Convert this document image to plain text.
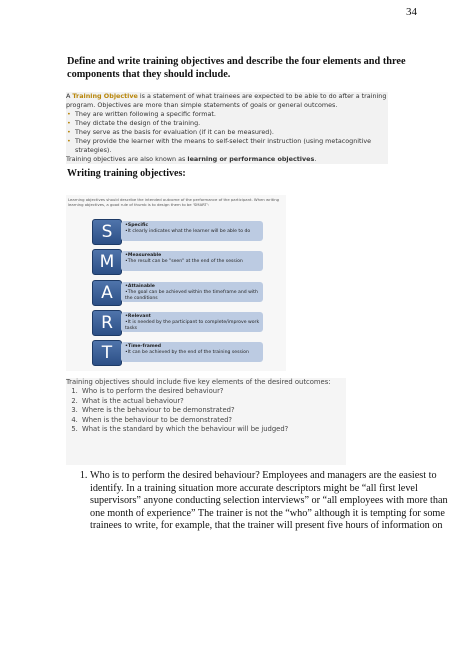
34
Define and write training objectives and describe the four elements and three components that they should include.

A Training Objective is a statement of what trainees are expected to be able to do after a training program. Objectives are more than simple statements of goals or general outcomes.

• They are written following a specific format.
• They dictate the design of the training.
• They serve as the basis for evaluation (if it can be measured).
• They provide the learner with the means to self-select their instruction (using metacognitive strategies).

Training objectives are also known as learning or performance objectives.

Writing training objectives:
Learning objectives should describe the intended outcome of the performance of the participant. When writing learning objectives, a good rule of thumb is to design them to be 'SMART':
S	•Specific
•It clearly indicates what the learner will be able to do
M	•Measureable
•The result can be "seen" at the end of the session
A	•Attainable
•The goal can be achieved within the timeframe and with the conditions
R	•Relevant
•It is needed by the participant to complete/improve work tasks
T	•Time-framed
•It can be achieved by the end of the training session

Training objectives should include five key elements of the desired outcomes:

1. Who is to perform the desired behaviour?
2. What is the actual behaviour?
3. Where is the behaviour to be demonstrated?
4. When is the behaviour to be demonstrated?
5. What is the standard by which the behaviour will be judged?
1. Who is to perform the desired behaviour? Employees and managers are the easiest to identify. In a training situation more accurate descriptors might be “all first level supervisors” anyone conducting selection interviews” or “all employees with more than one month of experience” The trainer is not the “who” although it is tempting for some trainees to write, for example, that the trainer will present five hours of information on
